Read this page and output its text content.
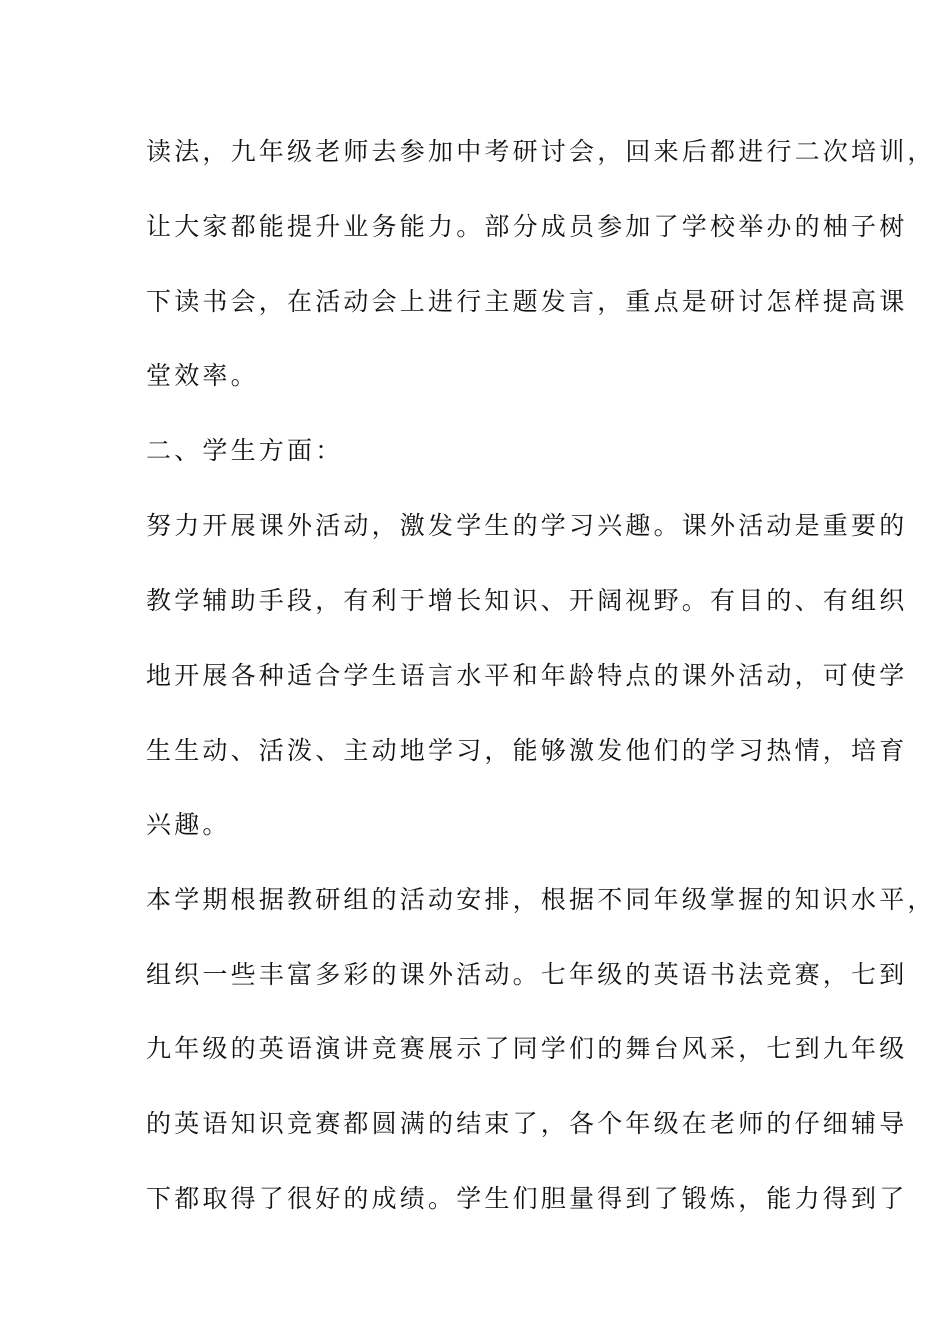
读法，九年级老师去参加中考研讨会，回来后都进行二次培训，
让大家都能提升业务能力。部分成员参加了学校举办的柚子树
下读书会，在活动会上进行主题发言，重点是研讨怎样提高课
堂效率。
二、学生方面：
努力开展课外活动，激发学生的学习兴趣。课外活动是重要的
教学辅助手段，有利于增长知识、开阔视野。有目的、有组织
地开展各种适合学生语言水平和年龄特点的课外活动，可使学
生生动、活泼、主动地学习，能够激发他们的学习热情，培育
兴趣。
本学期根据教研组的活动安排，根据不同年级掌握的知识水平，
组织一些丰富多彩的课外活动。七年级的英语书法竞赛，七到
九年级的英语演讲竞赛展示了同学们的舞台风采，七到九年级
的英语知识竞赛都圆满的结束了，各个年级在老师的仔细辅导
下都取得了很好的成绩。学生们胆量得到了锻炼，能力得到了
